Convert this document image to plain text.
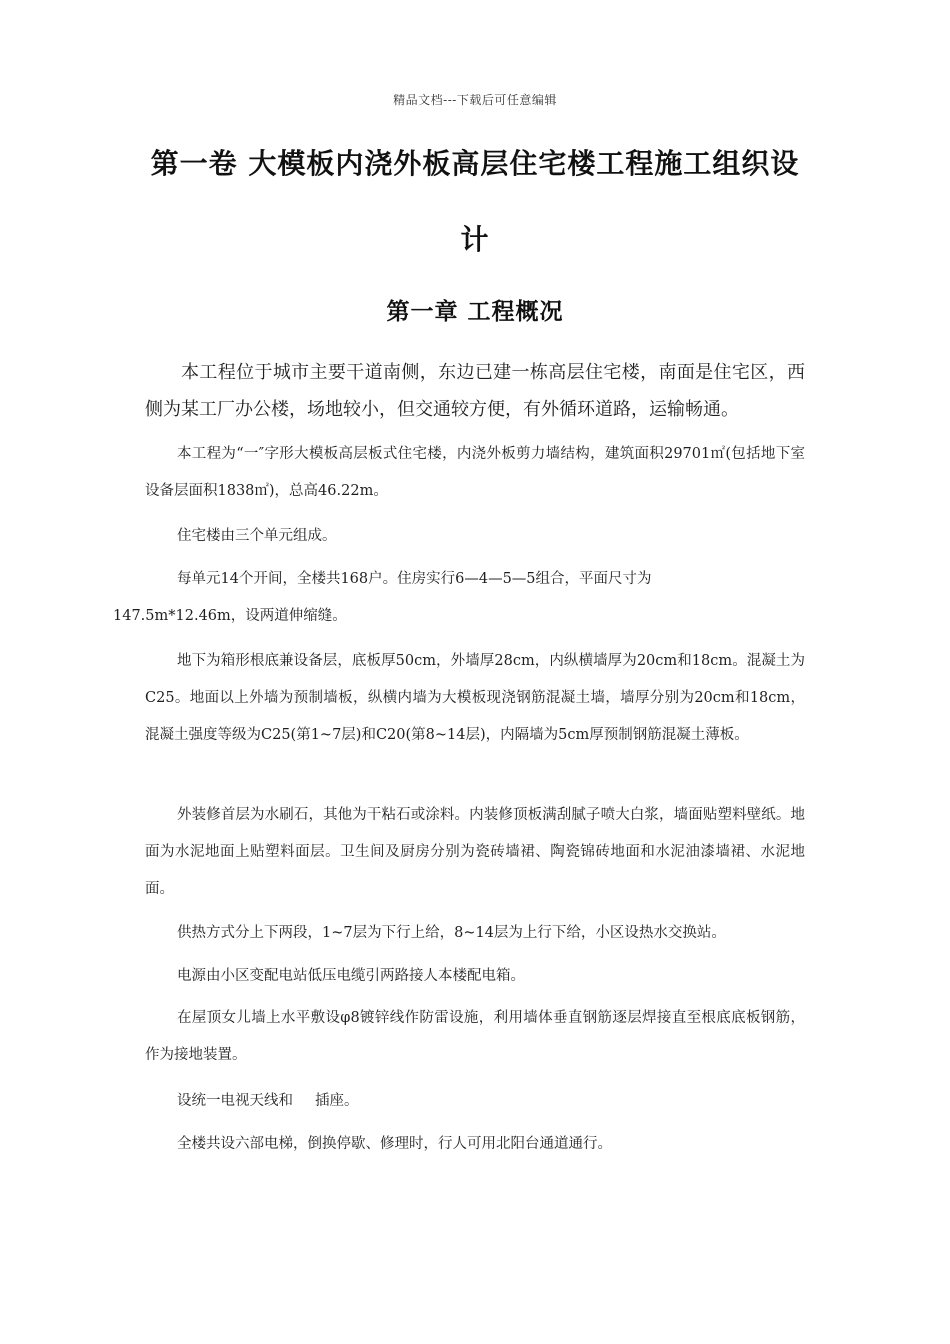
精品文档---下载后可任意编辑
第一卷 大模板内浇外板高层住宅楼工程施工组织设
计
第一章 工程概况

本工程位于城市主要干道南侧，东边已建一栋高层住宅楼，南面是住宅区，西侧为某工厂办公楼，场地较小，但交通较方便，有外循环道路，运输畅通。

本工程为“一″字形大模板高层板式住宅楼，内浇外板剪力墙结构，建筑面积29701㎡(包括地下室设备层面积1838㎡)，总高46.22m。

住宅楼由三个单元组成。

每单元14个开间，全楼共168户。住房实行6—4—5—5组合，平面尺寸为
147.5m*12.46m，设两道伸缩缝。

地下为箱形根底兼设备层，底板厚50cm，外墙厚28cm，内纵横墙厚为20cm和18cm。混凝土为C25。地面以上外墙为预制墙板，纵横内墙为大模板现浇钢筋混凝土墙，墙厚分别为20cm和18cm，混凝土强度等级为C25(第1~7层)和C20(第8~14层)，内隔墙为5cm厚预制钢筋混凝土薄板。

外装修首层为水刷石，其他为干粘石或涂料。内装修顶板满刮腻子喷大白浆，墙面贴塑料壁纸。地面为水泥地面上贴塑料面层。卫生间及厨房分别为瓷砖墙裙、陶瓷锦砖地面和水泥油漆墙裙、水泥地面。

供热方式分上下两段，1~7层为下行上给，8~14层为上行下给，小区设热水交换站。

电源由小区变配电站低压电缆引两路接人本楼配电箱。

在屋顶女儿墙上水平敷设φ8镀锌线作防雷设施，利用墙体垂直钢筋逐层焊接直至根底底板钢筋，作为接地装置。

设统一电视天线和 插座。

全楼共设六部电梯，倒换停歇、修理时，行人可用北阳台通道通行。
